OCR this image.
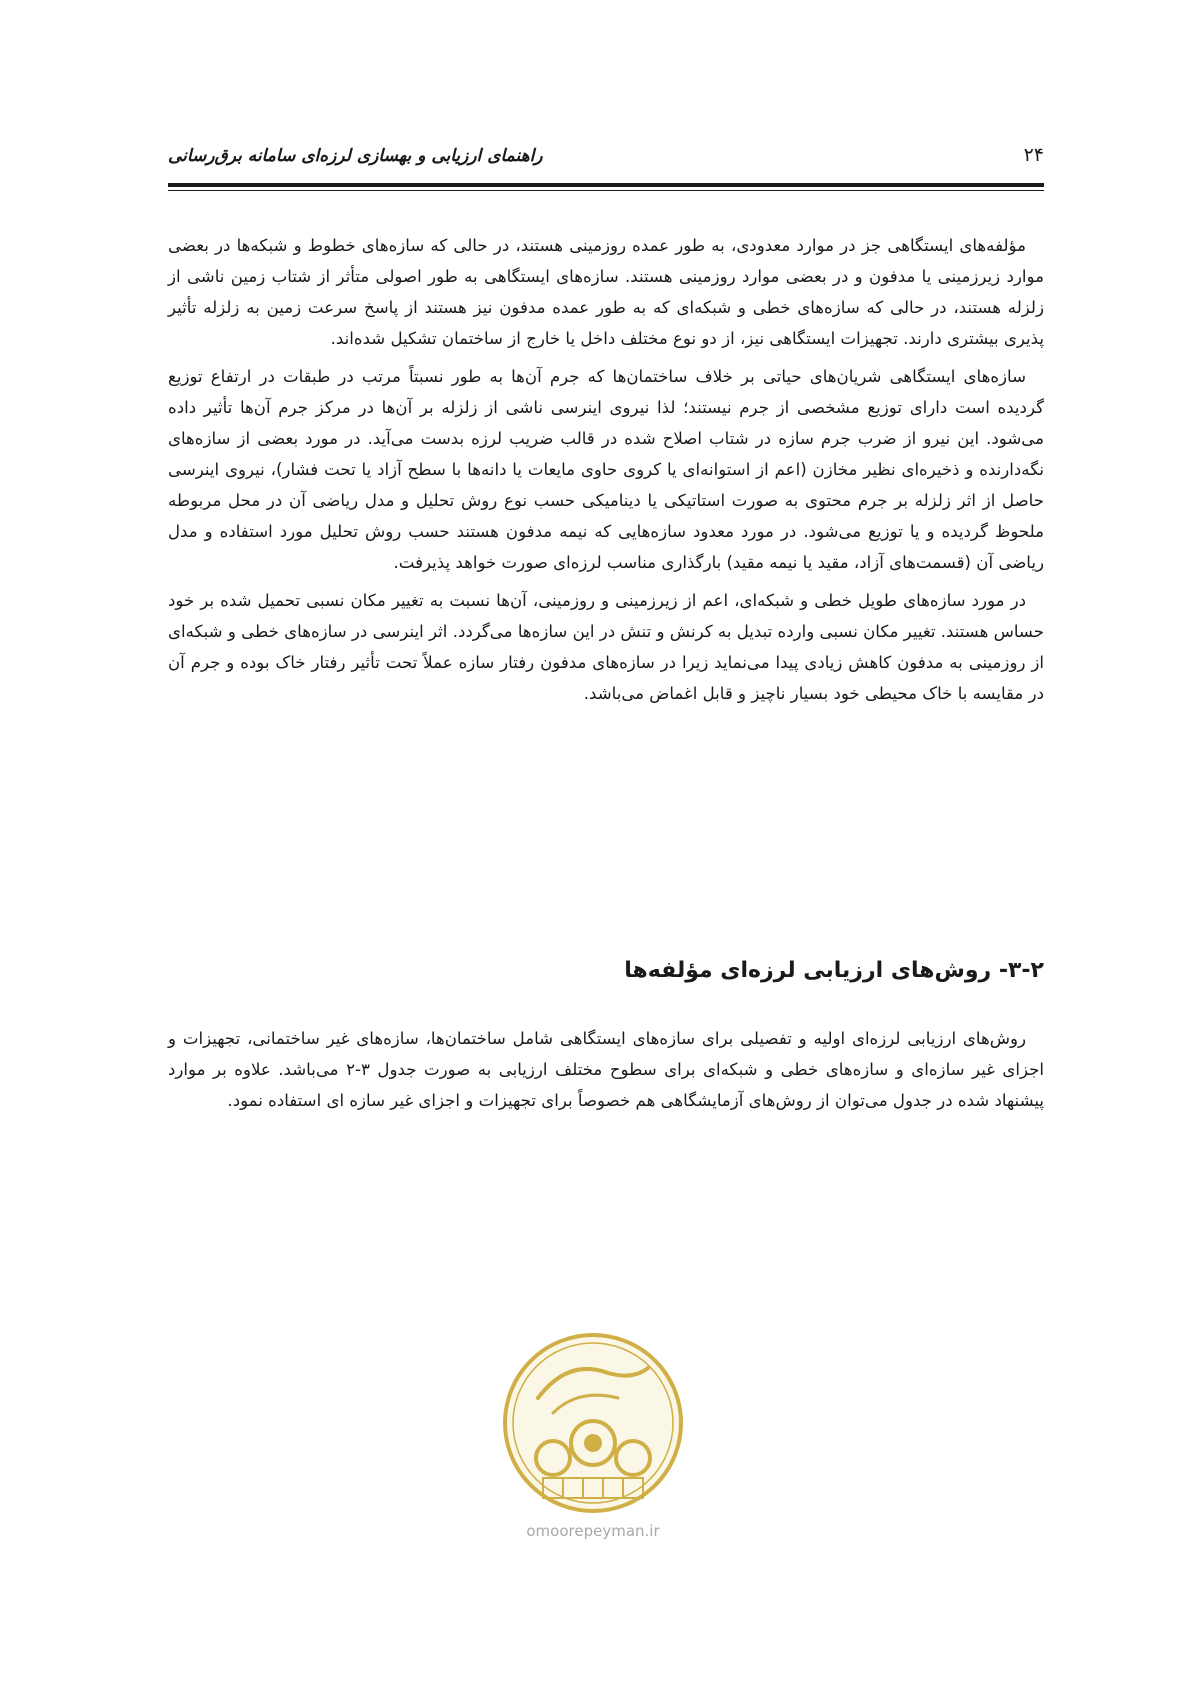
۲۴
راهنمای ارزیابی و بهسازی لرزه‌ای سامانه برق‌رسانی

مؤلفه‌های ایستگاهی جز در موارد معدودی، به طور عمده روزمینی هستند، در حالی که سازه‌های خطوط و شبکه‌ها در بعضی موارد زیرزمینی یا مدفون و در بعضی موارد روزمینی هستند. سازه‌های ایستگاهی به طور اصولی متأثر از شتاب زمین ناشی از زلزله هستند، در حالی که سازه‌های خطی و شبکه‌ای که به طور عمده مدفون نیز هستند از پاسخ سرعت زمین به زلزله تأثیر پذیری بیشتری دارند. تجهیزات ایستگاهی نیز، از دو نوع مختلف داخل یا خارج از ساختمان تشکیل شده‌اند.

سازه‌های ایستگاهی شریان‌های حیاتی بر خلاف ساختمان‌ها که جرم آن‌ها به طور نسبتاً مرتب در طبقات در ارتفاع توزیع گردیده است دارای توزیع مشخصی از جرم نیستند؛ لذا نیروی اینرسی ناشی از زلزله بر آن‌ها در مرکز جرم آن‌ها تأثیر داده می‌شود. این نیرو از ضرب جرم سازه در شتاب اصلاح شده در قالب ضریب لرزه بدست می‌آید. در مورد بعضی از سازه‌های نگه‌دارنده و ذخیره‌ای نظیر مخازن (اعم از استوانه‌ای یا کروی حاوی مایعات یا دانه‌ها با سطح آزاد یا تحت فشار)، نیروی اینرسی حاصل از اثر زلزله بر جرم محتوی به صورت استاتیکی یا دینامیکی حسب نوع روش تحلیل و مدل ریاضی آن در محل مربوطه ملحوظ گردیده و یا توزیع می‌شود. در مورد معدود سازه‌هایی که نیمه مدفون هستند حسب روش تحلیل مورد استفاده و مدل ریاضی آن (قسمت‌های آزاد، مقید یا نیمه مقید) بارگذاری مناسب لرزه‌ای صورت خواهد پذیرفت.

در مورد سازه‌های طویل خطی و شبکه‌ای، اعم از زیرزمینی و روزمینی، آن‌ها نسبت به تغییر مکان نسبی تحمیل شده بر خود حساس هستند. تغییر مکان نسبی وارده تبدیل به کرنش و تنش در این سازه‌ها می‌گردد. اثر اینرسی در سازه‌های خطی و شبکه‌ای از روزمینی به مدفون کاهش زیادی پیدا می‌نماید زیرا در سازه‌های مدفون رفتار سازه عملاً تحت تأثیر رفتار خاک بوده و جرم آن در مقایسه با خاک محیطی خود بسیار ناچیز و قابل اغماض می‌باشد.

۳-۲- روش‌های ارزیابی لرزه‌ای مؤلفه‌ها

روش‌های ارزیابی لرزه‌ای اولیه و تفصیلی برای سازه‌های ایستگاهی شامل ساختمان‌ها، سازه‌های غیر ساختمانی، تجهیزات و اجزای غیر سازه‌ای و سازه‌های خطی و شبکه‌ای برای سطوح مختلف ارزیابی به صورت جدول ۳-۲ می‌باشد. علاوه بر موارد پیشنهاد شده در جدول می‌توان از روش‌های آزمایشگاهی هم خصوصاً برای تجهیزات و اجزای غیر سازه ای استفاده نمود.

omoorepeyman.ir
